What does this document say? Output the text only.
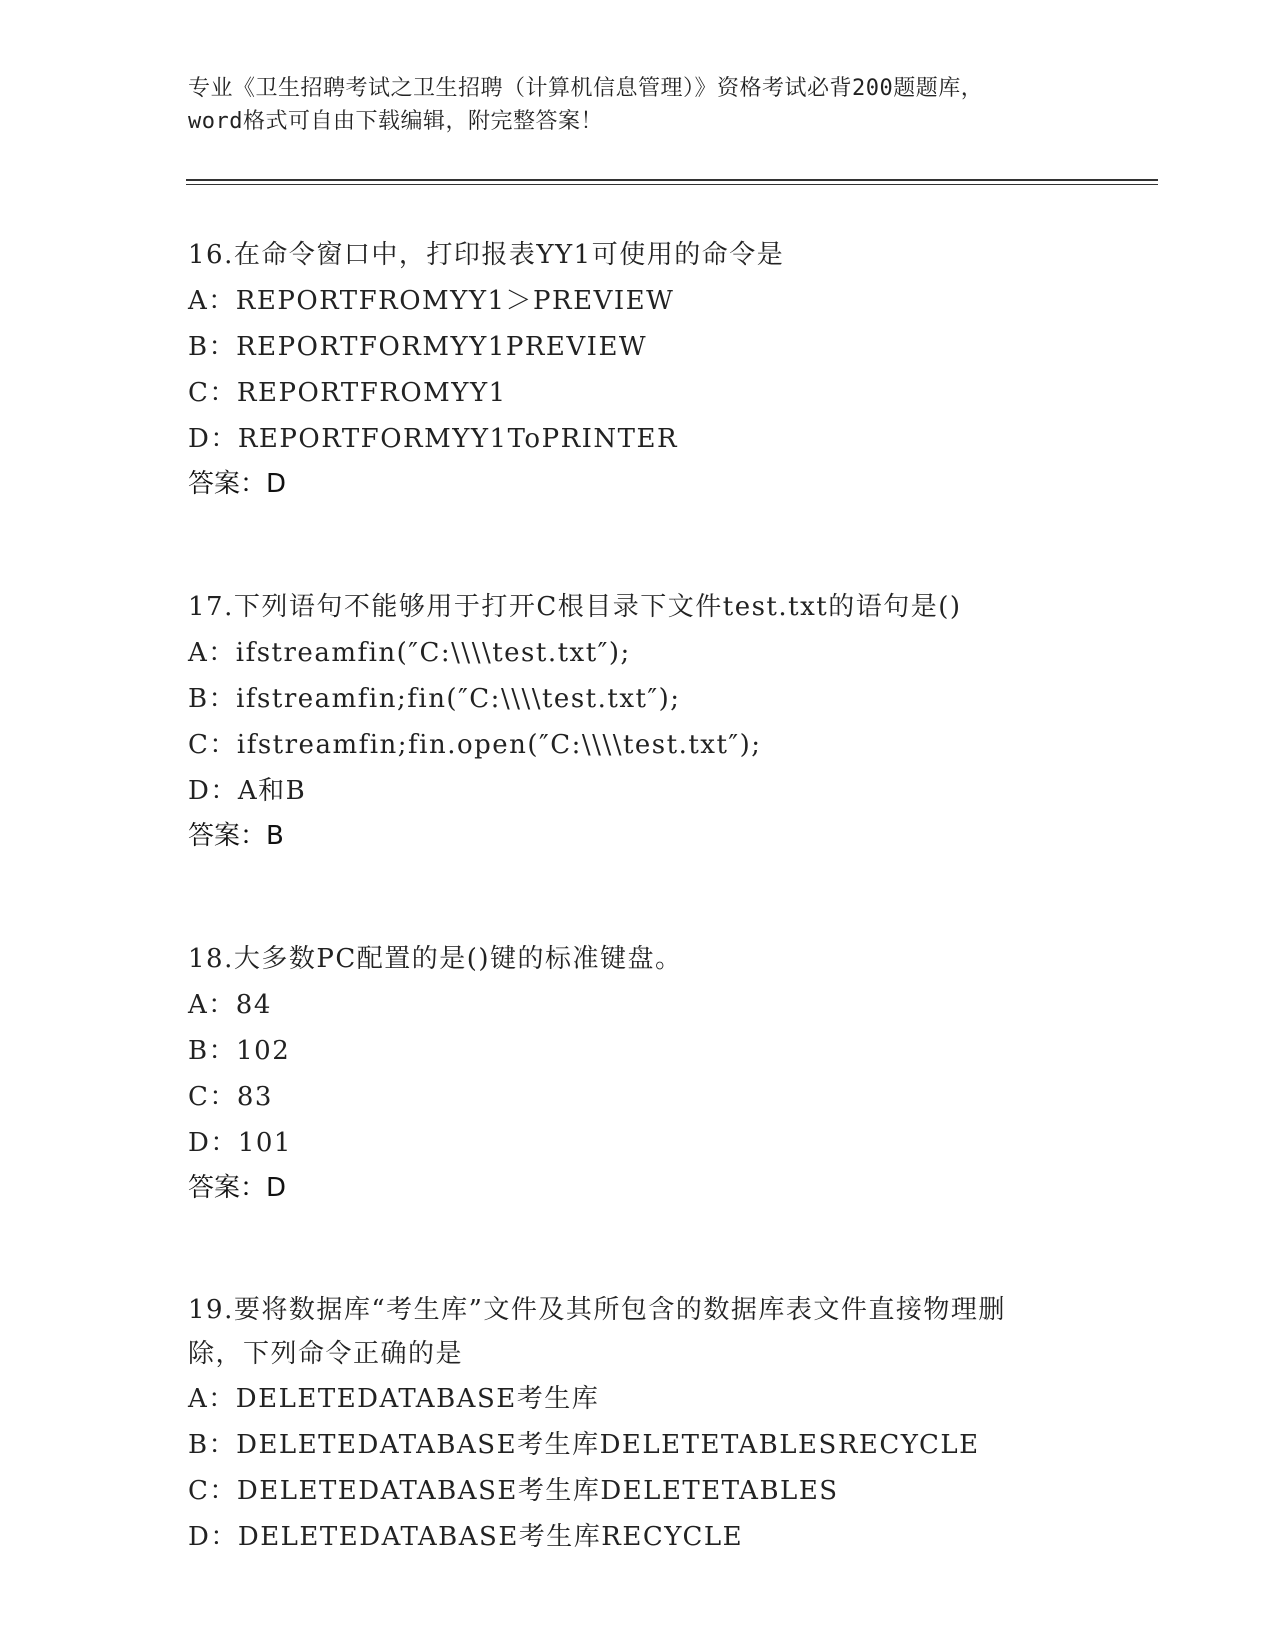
专业《卫生招聘考试之卫生招聘（计算机信息管理）》资格考试必背200题题库，
word格式可自由下载编辑，附完整答案！

16.在命令窗口中，打印报表YY1可使用的命令是

A：REPORTFROMYY1＞PREVIEW

B：REPORTFORMYY1PREVIEW

C：REPORTFROMYY1

D：REPORTFORMYY1ToPRINTER

答案：D

17.下列语句不能够用于打开C根目录下文件test.txt的语句是()

A：ifstreamfin(″C:\\\\test.txt″);

B：ifstreamfin;fin(″C:\\\\test.txt″);

C：ifstreamfin;fin.open(″C:\\\\test.txt″);

D：A和B

答案：B

18.大多数PC配置的是()键的标准键盘。

A：84

B：102

C：83

D：101

答案：D

19.要将数据库“考生库”文件及其所包含的数据库表文件直接物理删
除，下列命令正确的是

A：DELETEDATABASE考生库

B：DELETEDATABASE考生库DELETETABLESRECYCLE

C：DELETEDATABASE考生库DELETETABLES

D：DELETEDATABASE考生库RECYCLE
